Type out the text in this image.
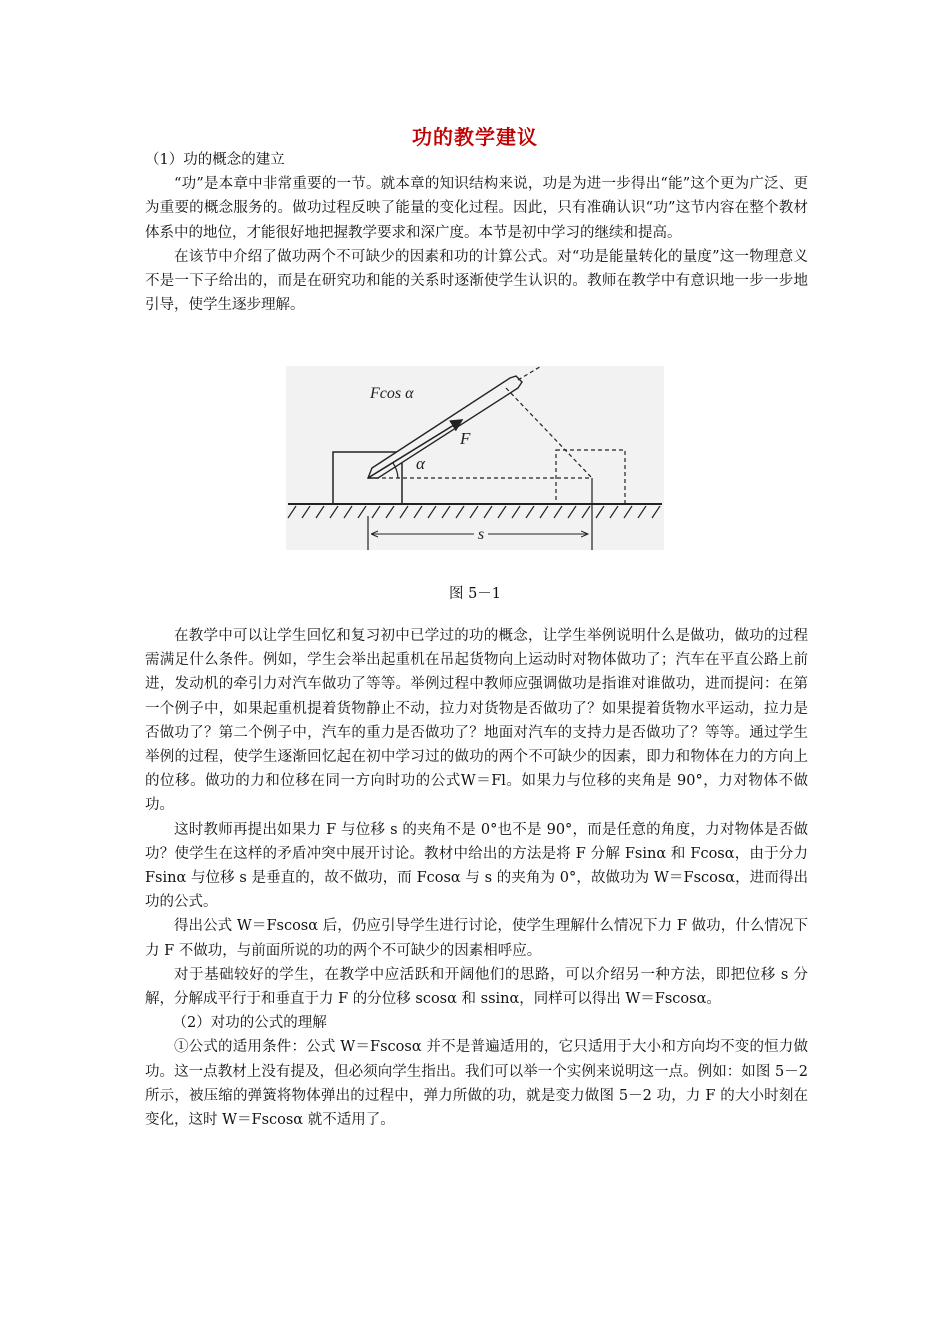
功的教学建议

（1）功的概念的建立

“功”是本章中非常重要的一节。就本章的知识结构来说，功是为进一步得出“能”这个更为广泛、更为重要的概念服务的。做功过程反映了能量的变化过程。因此，只有准确认识“功”这节内容在整个教材体系中的地位，才能很好地把握教学要求和深广度。本节是初中学习的继续和提高。

在该节中介绍了做功两个不可缺少的因素和功的计算公式。对“功是能量转化的量度”这一物理意义不是一下子给出的，而是在研究功和能的关系时逐渐使学生认识的。教师在教学中有意识地一步一步地引导，使学生逐步理解。

Fcos α
F
α
s
图 5－1

在教学中可以让学生回忆和复习初中已学过的功的概念，让学生举例说明什么是做功，做功的过程需满足什么条件。例如，学生会举出起重机在吊起货物向上运动时对物体做功了；汽车在平直公路上前进，发动机的牵引力对汽车做功了等等。举例过程中教师应强调做功是指谁对谁做功，进而提问：在第一个例子中，如果起重机提着货物静止不动，拉力对货物是否做功了？如果提着货物水平运动，拉力是否做功了？第二个例子中，汽车的重力是否做功了？地面对汽车的支持力是否做功了？等等。通过学生举例的过程，使学生逐渐回忆起在初中学习过的做功的两个不可缺少的因素，即力和物体在力的方向上的位移。做功的力和位移在同一方向时功的公式W＝Fl。如果力与位移的夹角是 90°，力对物体不做功。

这时教师再提出如果力 F 与位移 s 的夹角不是 0°也不是 90°，而是任意的角度，力对物体是否做功？使学生在这样的矛盾冲突中展开讨论。教材中给出的方法是将 F 分解 Fsinα 和 Fcosα，由于分力 Fsinα 与位移 s 是垂直的，故不做功，而 Fcosα 与 s 的夹角为 0°，故做功为 W＝Fscosα，进而得出功的公式。

得出公式 W＝Fscosα 后，仍应引导学生进行讨论，使学生理解什么情况下力 F 做功，什么情况下力 F 不做功，与前面所说的功的两个不可缺少的因素相呼应。

对于基础较好的学生，在教学中应活跃和开阔他们的思路，可以介绍另一种方法，即把位移 s 分解，分解成平行于和垂直于力 F 的分位移 scosα 和 ssinα，同样可以得出 W＝Fscosα。

（2）对功的公式的理解

①公式的适用条件：公式 W＝Fscosα 并不是普遍适用的，它只适用于大小和方向均不变的恒力做功。这一点教材上没有提及，但必须向学生指出。我们可以举一个实例来说明这一点。例如：如图 5－2 所示，被压缩的弹簧将物体弹出的过程中，弹力所做的功，就是变力做图 5－2 功，力 F 的大小时刻在变化，这时 W＝Fscosα 就不适用了。
